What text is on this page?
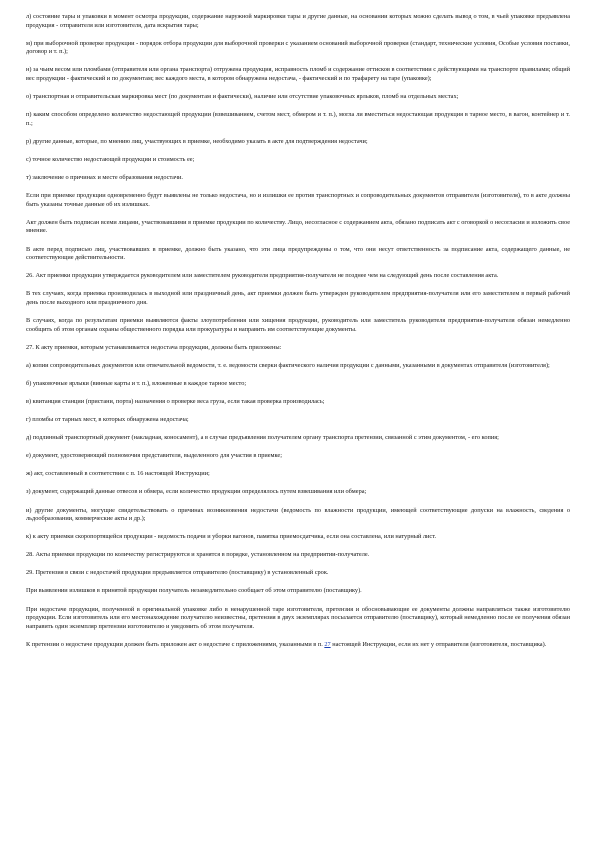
л) состояние тары и упаковки в момент осмотра продукции, содержание наружной маркировки тары и другие данные, на основании которых можно сделать вывод о том, в чьей упаковке предъявлена продукция - отправителя или изготовителя, дата вскрытия тары;

м) при выборочной проверке продукции - порядок отбора продукции для выборочной проверки с указанием оснований выборочной проверки (стандарт, технические условия, Особые условия поставки, договор и т. п.);

н) за чьим весом или пломбами (отправителя или органа транспорта) отгружена продукция, исправность пломб и содержание оттисков в соответствии с действующими на транспорте правилами; общий вес продукции - фактический и по документам; вес каждого места, в котором обнаружена недостача, - фактический и по трафарету на таре (упаковке);

о) транспортная и отправительская маркировка мест (по документам и фактически), наличие или отсутствие упаковочных ярлыков, пломб на отдельных местах;

п) каким способом определено количество недостающей продукции (взвешиванием, счетом мест, обмером и т. п.), могла ли вместиться недостающая продукция в тарное место, в вагон, контейнер и т. п.;

р) другие данные, которые, по мнению лиц, участвующих в приемке, необходимо указать в акте для подтверждения недостачи;

с) точное количество недостающей продукции и стоимость ее;

т) заключение о причинах и месте образования недостачи.

Если при приемке продукции одновременно будут выявлены не только недостача, но и излишки ее против транспортных и сопроводительных документов отправителя (изготовителя), то в акте должны быть указаны точные данные об их излишках.

Акт должен быть подписан всеми лицами, участвовавшими в приемке продукции по количеству. Лицо, несогласное с содержанием акта, обязано подписать акт с оговоркой о несогласии и изложить свое мнение.

В акте перед подписью лиц, участвовавших в приемке, должно быть указано, что эти лица предупреждены о том, что они несут ответственность за подписание акта, содержащего данные, не соответствующие действительности.

26. Акт приемки продукции утверждается руководителем или заместителем руководителя предприятия-получателя не позднее чем на следующий день после составления акта.

В тех случаях, когда приемка производилась в выходной или праздничный день, акт приемки должен быть утвержден руководителем предприятия-получателя или его заместителем в первый рабочий день после выходного или праздничного дня.

В случаях, когда по результатам приемки выявляются факты злоупотребления или хищения продукции, руководитель или заместитель руководителя предприятия-получателя обязан немедленно сообщить об этом органам охраны общественного порядка или прокуратуры и направить им соответствующие документы.

27. К акту приемки, которым устанавливается недостача продукции, должны быть приложены:

а) копии сопроводительных документов или отвечательной ведомости, т. е. ведомости сверки фактического наличия продукции с данными, указанными в документах отправителя (изготовителя);

б) упаковочные ярлыки (винные карты и т. п.), вложенные в каждое тарное место;

в) квитанция станции (пристани, порта) назначения о проверке веса груза, если такая проверка производилась;

г) пломбы от тарных мест, в которых обнаружена недостача;

д) подлинный транспортный документ (накладная, коносамент), а в случае предъявления получателем органу транспорта претензии, связанной с этим документом, - его копия;

е) документ, удостоверяющий полномочия представителя, выделенного для участия в приемке;

ж) акт, составленный в соответствии с п. 16 настоящей Инструкции;

з) документ, содержащий данные отвесов и обмера, если количество продукции определялось путем взвешивания или обмера;

и) другие документы, могущие свидетельствовать о причинах возникновения недостачи (ведомость по влажности продукции, имеющей соответствующие допуски на влажность, сведения о льдообразовании, коммерческие акты и др.);

к) к акту приемки скоропортящейся продукции - ведомость подачи и уборки вагонов, памятка приемосдатчика, если она составлена, или натурный лист.

28. Акты приемки продукции по количеству регистрируются и хранятся в порядке, установленном на предприятии-получателе.

29. Претензия в связи с недостачей продукции предъявляется отправителю (поставщику) в установленный срок.

При выявлении излишков в принятой продукции получатель незамедлительно сообщает об этом отправителю (поставщику).

При недостаче продукции, полученной в оригинальной упаковке либо в ненарушенной таре изготовителя, претензия и обосновывающие ее документы должны направляться также изготовителю продукции. Если изготовитель или его местонахождение получателю неизвестны, претензия в двух экземплярах посылается отправителю (поставщику), который немедленно после ее получения обязан направить один экземпляр претензии изготовителю и уведомить об этом получателя.

К претензии о недостаче продукции должен быть приложен акт о недостаче с приложениями, указанными в п. 27 настоящей Инструкции, если их нет у отправителя (изготовителя, поставщика).
